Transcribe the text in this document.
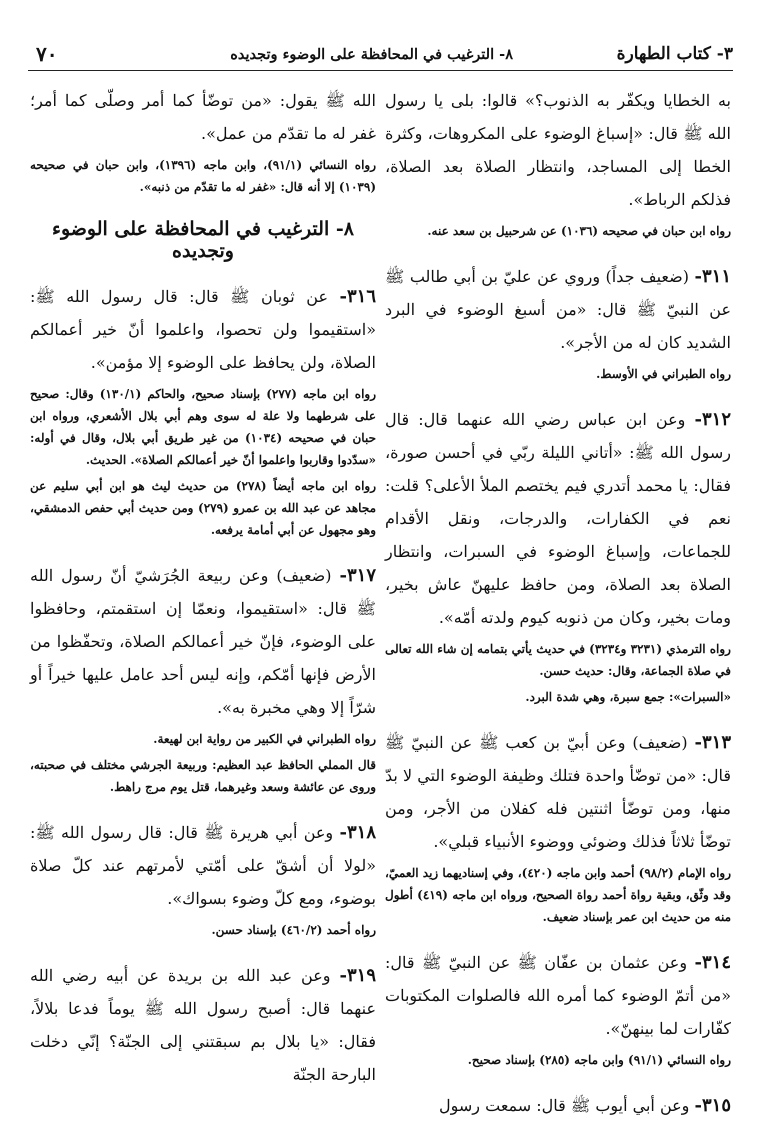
٣- كتاب الطهارة
٨- الترغيب في المحافظة على الوضوء وتجديده
٧٠

به الخطايا ويكفّر به الذنوب؟» قالوا: بلى يا رسول الله ﷺ قال: «إسباغ الوضوء على المكروهات، وكثرة الخطا إلى المساجد، وانتظار الصلاة بعد الصلاة، فذلكم الرباط».

رواه ابن حبان في صحيحه (١٠٣٦) عن شرحبيل بن سعد عنه.

٣١١- (ضعيف جداً) وروي عن عليّ بن أبي طالب ﷺ عن النبيّ ﷺ قال: «من أسبغ الوضوء في البرد الشديد كان له من الأجر».

رواه الطبراني في الأوسط.

٣١٢- وعن ابن عباس رضي الله عنهما قال: قال رسول الله ﷺ: «أتاني الليلة ربّي في أحسن صورة، فقال: يا محمد أتدري فيم يختصم الملأ الأعلى؟ قلت: نعم في الكفارات، والدرجات، ونقل الأقدام للجماعات، وإسباغ الوضوء في السبرات، وانتظار الصلاة بعد الصلاة، ومن حافظ عليهنّ عاش بخير، ومات بخير، وكان من ذنوبه كيوم ولدته أمّه».

رواه الترمذي (٣٢٣١ و٣٢٣٤) في حديث يأتي بتمامه إن شاء الله تعالى في صلاة الجماعة، وقال: حديث حسن.

«السبرات»: جمع سبرة، وهي شدة البرد.

٣١٣- (ضعيف) وعن أبيّ بن كعب ﷺ عن النبيّ ﷺ قال: «من توضّأ واحدة فتلك وظيفة الوضوء التي لا بدّ منها، ومن توضّأ اثنتين فله كفلان من الأجر، ومن توضّأ ثلاثاً فذلك وضوئي ووضوء الأنبياء قبلي».

رواه الإمام (٩٨/٢) أحمد وابن ماجه (٤٢٠)، وفي إسناديهما زيد العميّ، وقد وثّق، وبقية رواة أحمد رواة الصحيح، ورواه ابن ماجه (٤١٩) أطول منه من حديث ابن عمر بإسناد ضعيف.

٣١٤- وعن عثمان بن عفّان ﷺ عن النبيّ ﷺ قال: «من أتمّ الوضوء كما أمره الله فالصلوات المكتوبات كفّارات لما بينهنّ».

رواه النسائي (٩١/١) وابن ماجه (٢٨٥) بإسناد صحيح.

٣١٥- وعن أبي أيوب ﷺ قال: سمعت رسول

الله ﷺ يقول: «من توضّأ كما أمر وصلّى كما أمر؛ غفر له ما تقدّم من عمل».

رواه النسائي (٩١/١)، وابن ماجه (١٣٩٦)، وابن حبان في صحيحه (١٠٣٩) إلا أنه قال: «غفر له ما تقدّم من ذنبه».

٨- الترغيب في المحافظة على الوضوء وتجديده

٣١٦- عن ثوبان ﷺ قال: قال رسول الله ﷺ: «استقيموا ولن تحصوا، واعلموا أنّ خير أعمالكم الصلاة، ولن يحافظ على الوضوء إلا مؤمن».

رواه ابن ماجه (٢٧٧) بإسناد صحيح، والحاكم (١٣٠/١) وقال: صحيح على شرطهما ولا علة له سوى وهم أبي بلال الأشعري، ورواه ابن حبان في صحيحه (١٠٣٤) من غير طريق أبي بلال، وقال في أوله: «سدّدوا وقاربوا واعلموا أنّ خير أعمالكم الصلاة». الحديث.

رواه ابن ماجه أيضاً (٢٧٨) من حديث ليث هو ابن أبي سليم عن مجاهد عن عبد الله بن عمرو (٢٧٩) ومن حديث أبي حفص الدمشقي، وهو مجهول عن أبي أمامة يرفعه.

٣١٧- (ضعيف) وعن ربيعة الجُرَشيّ أنّ رسول الله ﷺ قال: «استقيموا، ونعمّا إن استقمتم، وحافظوا على الوضوء، فإنّ خير أعمالكم الصلاة، وتحفّظوا من الأرض فإنها أمّكم، وإنه ليس أحد عامل عليها خيراً أو شرّاً إلا وهي مخبرة به».

رواه الطبراني في الكبير من رواية ابن لهيعة.

قال المملي الحافظ عبد العظيم: وربيعة الجرشي مختلف في صحبته، وروى عن عائشة وسعد وغيرهما، قتل يوم مرج راهط.

٣١٨- وعن أبي هريرة ﷺ قال: قال رسول الله ﷺ: «لولا أن أشقّ على أمّتي لأمرتهم عند كلّ صلاة بوضوء، ومع كلّ وضوء بسواك».

رواه أحمد (٤٦٠/٢) بإسناد حسن.

٣١٩- وعن عبد الله بن بريدة عن أبيه رضي الله عنهما قال: أصبح رسول الله ﷺ يوماً فدعا بلالاً، فقال: «يا بلال بم سبقتني إلى الجنّة؟ إنّي دخلت البارحة الجنّة
